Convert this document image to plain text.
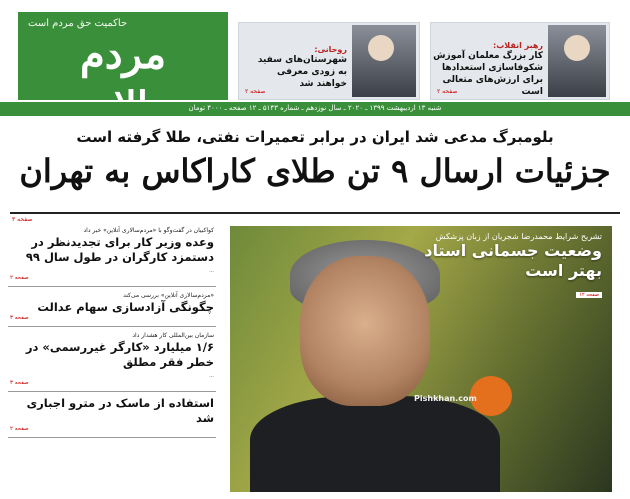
حاکمیت حق مردم است
مردم
شنبه ۱۳ اردیبهشت ۱۳۹۹ ـ ۲۰۲۰ ـ سال نوزدهم ـ شماره ۵۱۴۳ ـ ۱۲ صفحه ـ ۴۰۰۰ تومان
رهبر انقلاب:
کار بزرگ معلمان آموزش شکوفاسازی استعدادها برای ارزش‌های متعالی است
صفحه ۲
روحانی:
شهرستان‌های سفید به زودی معرفی خواهند شد
صفحه ۲
بلومبرگ مدعی شد ایران در برابر تعمیرات نفتی، طلا گرفته است
جزئیات ارسال ۹ تن طلای کاراکاس به تهران
صفحه ۳
کواکبیان در گفت‌وگو با «مردم‌سالاری آنلاین» خبر داد
وعده وزیر کار برای تجدیدنظر در دستمزد کارگران در طول سال ۹۹
...
صفحه ۲
«مردم‌سالاری آنلاین» بررسی می‌کند
چگونگی آزادسازی سهام عدالت
صفحه ۳
سازمان بین‌المللی کار هشدار داد
۱/۶ میلیارد «کارگر غیررسمی» در خطر فقر مطلق
...
صفحه ۳
استفاده از ماسک در مترو اجباری شد
صفحه ۲
تشریح شرایط محمدرضا شجریان از زبان پزشکش
وضعیت جسمانی استاد بهتر است
صفحه ۱۲
Pishkhan.com
